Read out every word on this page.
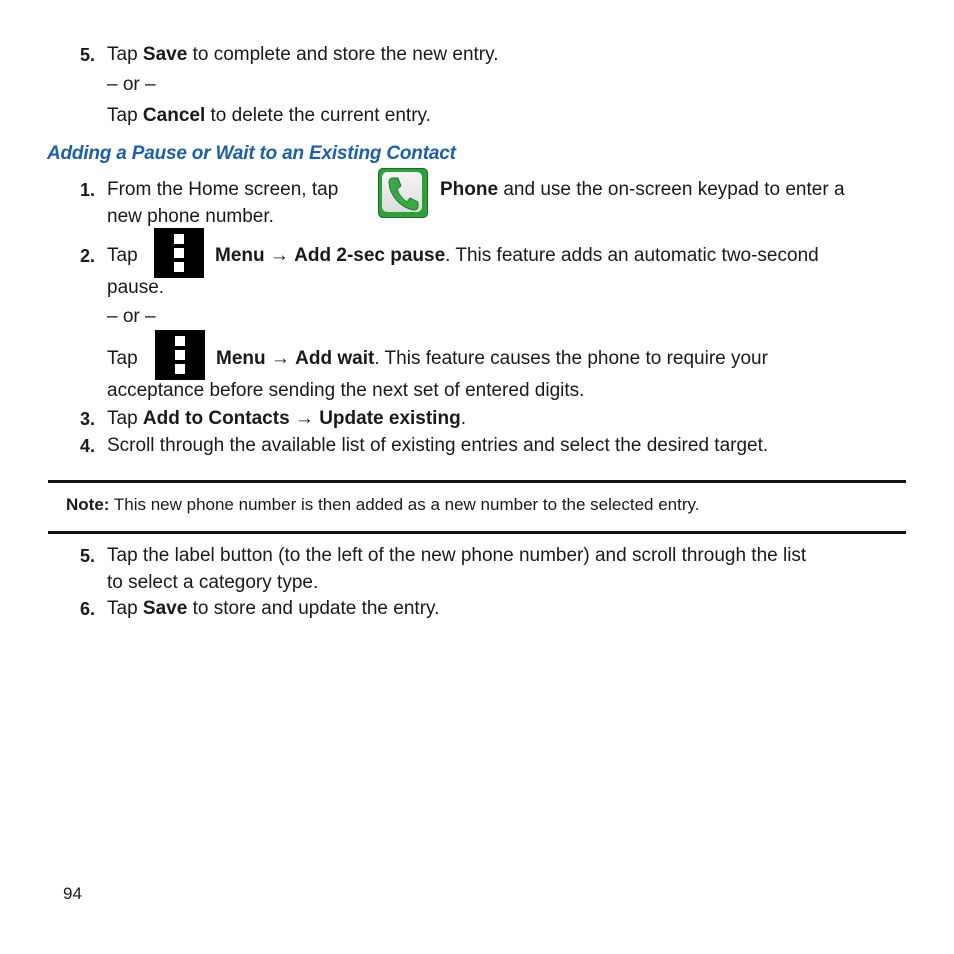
5. Tap Save to complete and store the new entry.
– or –
Tap Cancel to delete the current entry.
Adding a Pause or Wait to an Existing Contact
1. From the Home screen, tap	Phone and use the on-screen keypad to enter a
new phone number.
2. Tap	Menu → Add 2-sec pause. This feature adds an automatic two-second
pause.
– or –
Tap	Menu → Add wait. This feature causes the phone to require your
acceptance before sending the next set of entered digits.
3. Tap Add to Contacts → Update existing.
4. Scroll through the available list of existing entries and select the desired target.
Note: This new phone number is then added as a new number to the selected entry.
5. Tap the label button (to the left of the new phone number) and scroll through the list
to select a category type.
6. Tap Save to store and update the entry.
94
